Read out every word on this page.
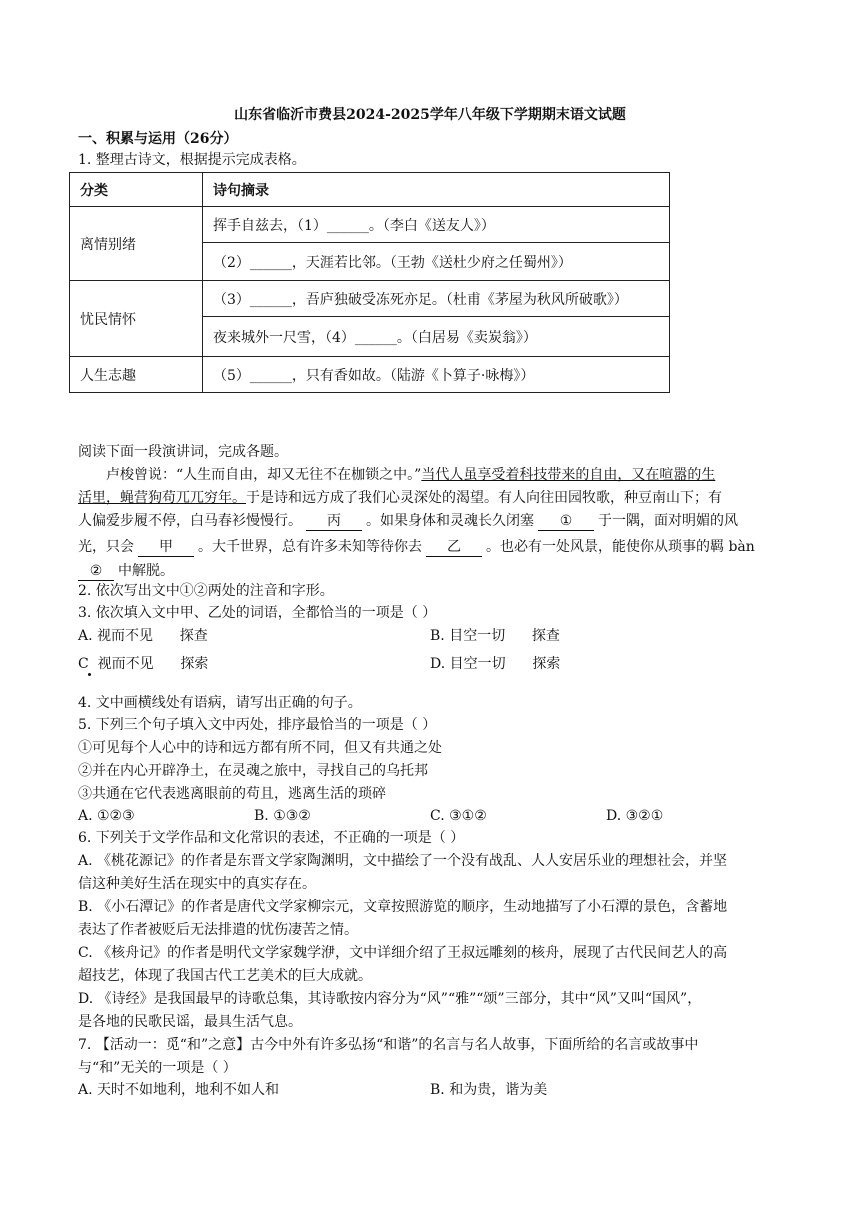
山东省临沂市费县2024-2025学年八年级下学期期末语文试题
一、积累与运用（26分）
1. 整理古诗文，根据提示完成表格。
分类	诗句摘录
离情别绪	挥手自兹去，（1）______。（李白《送友人》）
	（2）______，天涯若比邻。（王勃《送杜少府之任蜀州》）
忧民情怀	（3）______，吾庐独破受冻死亦足。（杜甫《茅屋为秋风所破歌》）
	夜来城外一尺雪，（4）______。（白居易《卖炭翁》）
人生志趣	（5）______，只有香如故。（陆游《卜算子·咏梅》）
阅读下面一段演讲词，完成各题。
卢梭曾说：“人生而自由，却又无往不在枷锁之中。”当代人虽享受着科技带来的自由，又在喧嚣的生
活里，蝇营狗苟兀兀穷年。于是诗和远方成了我们心灵深处的渴望。有人向往田园牧歌，种豆南山下；有
人偏爱步履不停，白马春衫慢慢行。 丙 。如果身体和灵魂长久闭塞 ① 于一隅，面对明媚的风
光，只会 甲 。大千世界，总有许多未知等待你去 乙 。也必有一处风景，能使你从琐事的羁 bàn
② 中解脱。
2. 依次写出文中①②两处的注音和字形。
3. 依次填入文中甲、乙处的词语，全都恰当的一项是（ ）
A. 视而不见      探查	B. 目空一切      探查
C  视而不见      探索	D. 目空一切      探索
4. 文中画横线处有语病，请写出正确的句子。
5. 下列三个句子填入文中丙处，排序最恰当的一项是（ ）
①可见每个人心中的诗和远方都有所不同，但又有共通之处
②并在内心开辟净土，在灵魂之旅中，寻找自己的乌托邦
③共通在它代表逃离眼前的苟且，逃离生活的琐碎
A. ①②③	B. ①③②	C. ③①②	D. ③②①
6. 下列关于文学作品和文化常识的表述，不正确的一项是（ ）
A. 《桃花源记》的作者是东晋文学家陶渊明，文中描绘了一个没有战乱、人人安居乐业的理想社会，并坚
信这种美好生活在现实中的真实存在。
B. 《小石潭记》的作者是唐代文学家柳宗元，文章按照游览的顺序，生动地描写了小石潭的景色，含蓄地
表达了作者被贬后无法排遣的忧伤凄苦之情。
C. 《核舟记》的作者是明代文学家魏学洢，文中详细介绍了王叔远雕刻的核舟，展现了古代民间艺人的高
超技艺，体现了我国古代工艺美术的巨大成就。
D. 《诗经》是我国最早的诗歌总集，其诗歌按内容分为“风”“雅”“颂”三部分，其中“风”又叫“国风”，
是各地的民歌民谣，最具生活气息。
7. 【活动一：觅“和”之意】古今中外有许多弘扬“和谐”的名言与名人故事，下面所给的名言或故事中
与“和”无关的一项是（ ）
A. 天时不如地利，地利不如人和	B. 和为贵，谐为美
